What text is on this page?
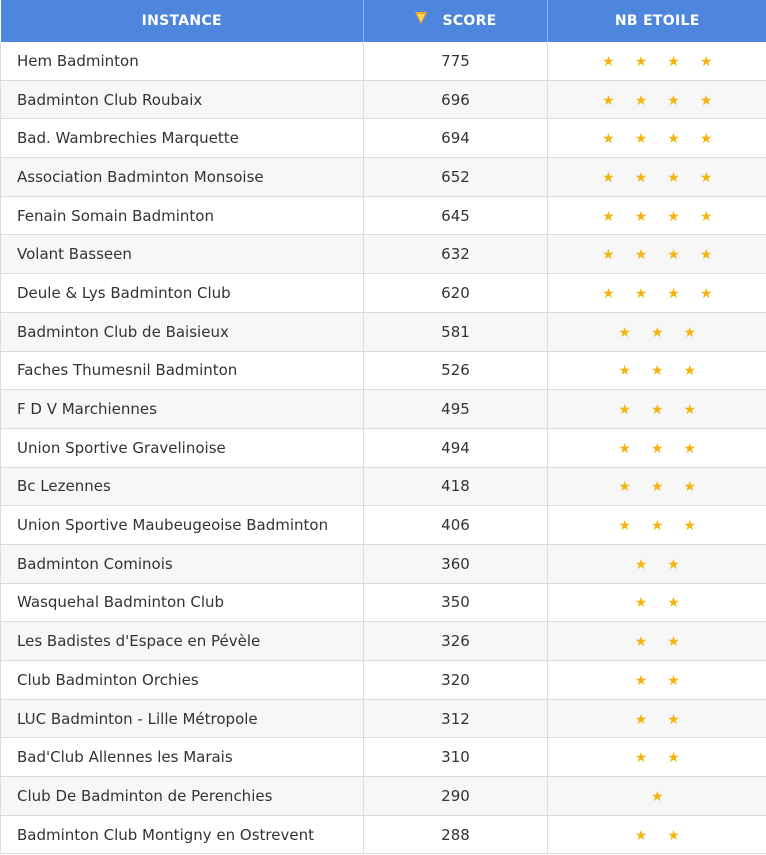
INSTANCE	SCORE	NB ETOILE
Hem Badminton	775	★ ★ ★ ★
Badminton Club Roubaix	696	★ ★ ★ ★
Bad. Wambrechies Marquette	694	★ ★ ★ ★
Association Badminton Monsoise	652	★ ★ ★ ★
Fenain Somain Badminton	645	★ ★ ★ ★
Volant Basseen	632	★ ★ ★ ★
Deule & Lys Badminton Club	620	★ ★ ★ ★
Badminton Club de Baisieux	581	★ ★ ★
Faches Thumesnil Badminton	526	★ ★ ★
F D V Marchiennes	495	★ ★ ★
Union Sportive Gravelinoise	494	★ ★ ★
Bc Lezennes	418	★ ★ ★
Union Sportive Maubeugeoise Badminton	406	★ ★ ★
Badminton Cominois	360	★ ★
Wasquehal Badminton Club	350	★ ★
Les Badistes d'Espace en Pévèle	326	★ ★
Club Badminton Orchies	320	★ ★
LUC Badminton - Lille Métropole	312	★ ★
Bad'Club Allennes les Marais	310	★ ★
Club De Badminton de Perenchies	290	★
Badminton Club Montigny en Ostrevent	288	★ ★
